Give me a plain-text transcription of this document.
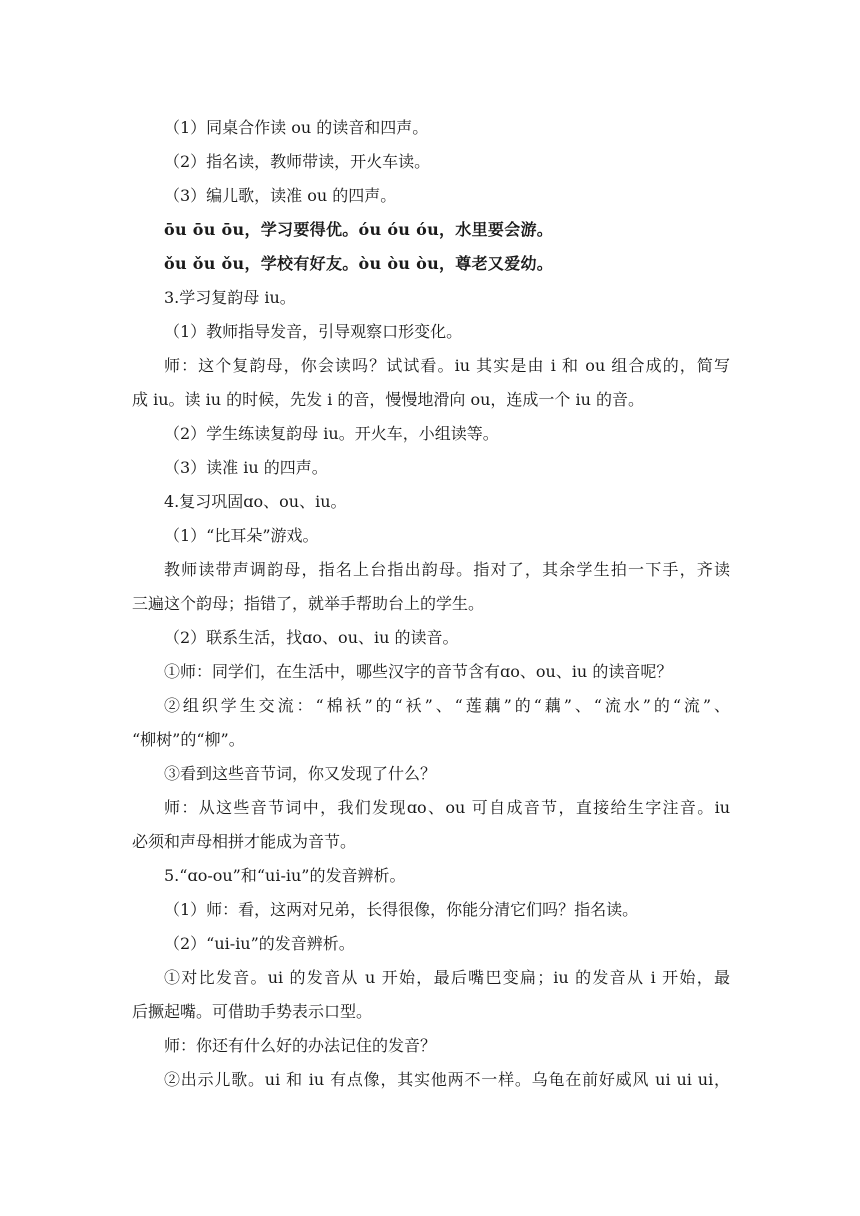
（1）同桌合作读 ou 的读音和四声。
（2）指名读，教师带读，开火车读。
（3）编儿歌，读准 ou 的四声。
ōu ōu ōu，学习要得优。óu óu óu，水里要会游。
ǒu ǒu ǒu，学校有好友。òu òu òu，尊老又爱幼。
3.学习复韵母 iu。
（1）教师指导发音，引导观察口形变化。
师：这个复韵母，你会读吗？试试看。iu 其实是由 i 和 ou 组合成的，简写
成 iu。读 iu 的时候，先发 i 的音，慢慢地滑向 ou，连成一个 iu 的音。
（2）学生练读复韵母 iu。开火车，小组读等。
（3）读准 iu 的四声。
4.复习巩固ɑo、ou、iu。
（1）“比耳朵”游戏。
教师读带声调韵母，指名上台指出韵母。指对了，其余学生拍一下手，齐读
三遍这个韵母；指错了，就举手帮助台上的学生。
（2）联系生活，找ɑo、ou、iu 的读音。
①师：同学们，在生活中，哪些汉字的音节含有ɑo、ou、iu 的读音呢？
②组织学生交流：“棉袄”的“袄”、“莲藕”的“藕”、“流水”的“流”、
“柳树”的“柳”。
③看到这些音节词，你又发现了什么？
师：从这些音节词中，我们发现ɑo、ou 可自成音节，直接给生字注音。iu
必须和声母相拼才能成为音节。
5.“ɑo-ou”和“ui-iu”的发音辨析。
（1）师：看，这两对兄弟，长得很像，你能分清它们吗？指名读。
（2）“ui-iu”的发音辨析。
①对比发音。ui 的发音从 u 开始，最后嘴巴变扁；iu 的发音从 i 开始，最
后撅起嘴。可借助手势表示口型。
师：你还有什么好的办法记住的发音？
②出示儿歌。ui 和 iu 有点像，其实他两不一样。乌龟在前好威风 ui ui ui，
